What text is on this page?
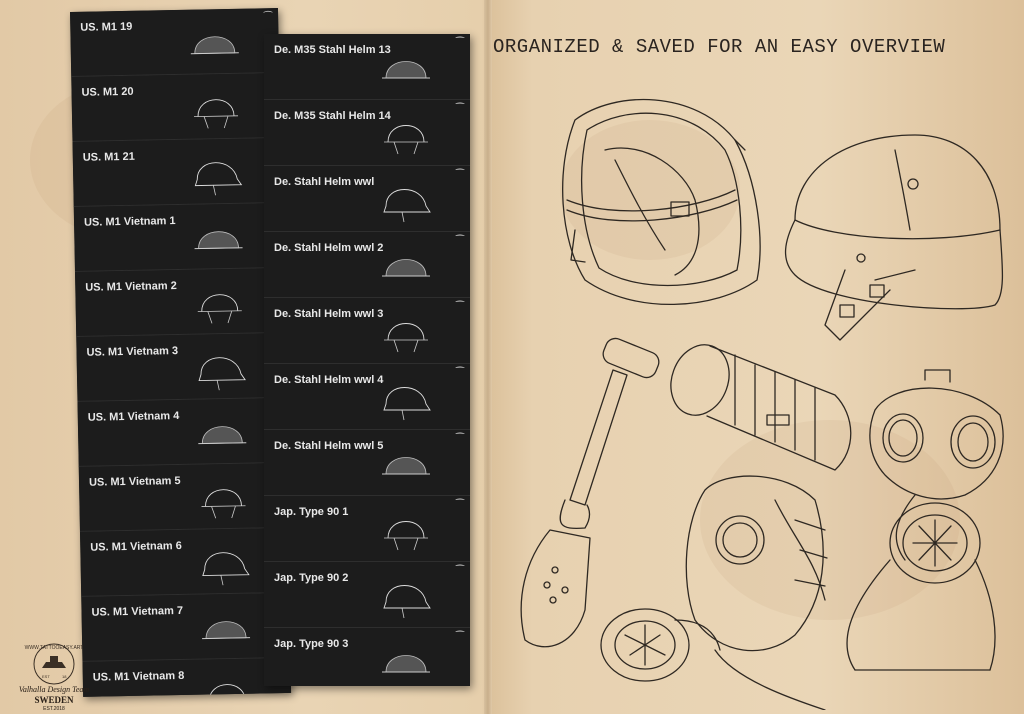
US. M1 19
⁀
US. M1 20
US. M1 21
US. M1 Vietnam 1
US. M1 Vietnam 2
US. M1 Vietnam 3
US. M1 Vietnam 4
US. M1 Vietnam 5
US. M1 Vietnam 6
US. M1 Vietnam 7
US. M1 Vietnam 8
De. M35 Stahl Helm 13
⁀
De. M35 Stahl Helm 14
⁀
De. Stahl Helm wwl
⁀
De. Stahl Helm wwl 2
⁀
De. Stahl Helm wwl 3
⁀
De. Stahl Helm wwl 4
⁀
De. Stahl Helm wwl 5
⁀
Jap. Type 90 1
⁀
Jap. Type 90 2
⁀
Jap. Type 90 3
⁀
ORGANIZED & SAVED FOR AN EASY OVERVIEW
WWW.TATTOOEASY.ART
EST	18
Valhalla Design Team
SWEDEN
EST.2018
